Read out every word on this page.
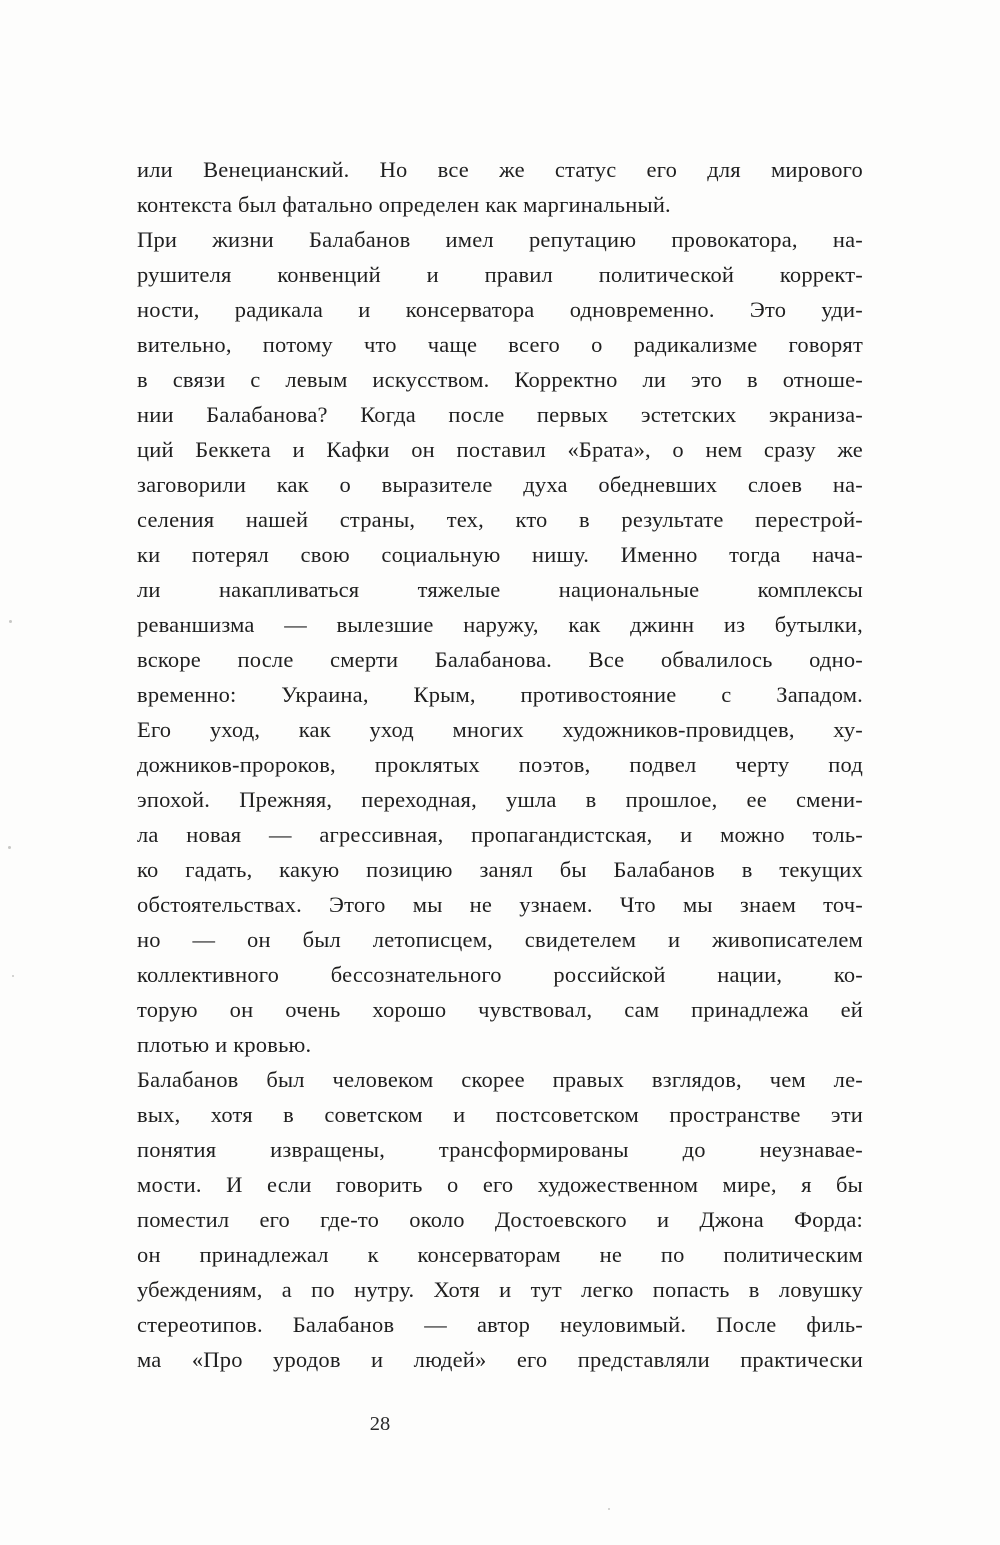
или Венецианский. Но все же статус его для мирового
контекста был фатально определен как маргинальный.
При жизни Балабанов имел репутацию провокатора, на-
рушителя конвенций и правил политической коррект-
ности, радикала и консерватора одновременно. Это уди-
вительно, потому что чаще всего о радикализме говорят
в связи с левым искусством. Корректно ли это в отноше-
нии Балабанова? Когда после первых эстетских экраниза-
ций Беккета и Кафки он поставил «Брата», о нем сразу же
заговорили как о выразителе духа обедневших слоев на-
селения нашей страны, тех, кто в результате перестрой-
ки потерял свою социальную нишу. Именно тогда нача-
ли накапливаться тяжелые национальные комплексы
реваншизма — вылезшие наружу, как джинн из бутылки,
вскоре после смерти Балабанова. Все обвалилось одно-
временно: Украина, Крым, противостояние с Западом.
Его уход, как уход многих художников-провидцев, ху-
дожников-пророков, проклятых поэтов, подвел черту под
эпохой. Прежняя, переходная, ушла в прошлое, ее смени-
ла новая — агрессивная, пропагандистская, и можно толь-
ко гадать, какую позицию занял бы Балабанов в текущих
обстоятельствах. Этого мы не узнаем. Что мы знаем точ-
но — он был летописцем, свидетелем и живописателем
коллективного бессознательного российской нации, ко-
торую он очень хорошо чувствовал, сам принадлежа ей
плотью и кровью.
Балабанов был человеком скорее правых взглядов, чем ле-
вых, хотя в советском и постсоветском пространстве эти
понятия извращены, трансформированы до неузнавае-
мости. И если говорить о его художественном мире, я бы
поместил его где-то около Достоевского и Джона Форда:
он принадлежал к консерваторам не по политическим
убеждениям, а по нутру. Хотя и тут легко попасть в ловушку
стереотипов. Балабанов — автор неуловимый. После филь-
ма «Про уродов и людей» его представляли практически
28
